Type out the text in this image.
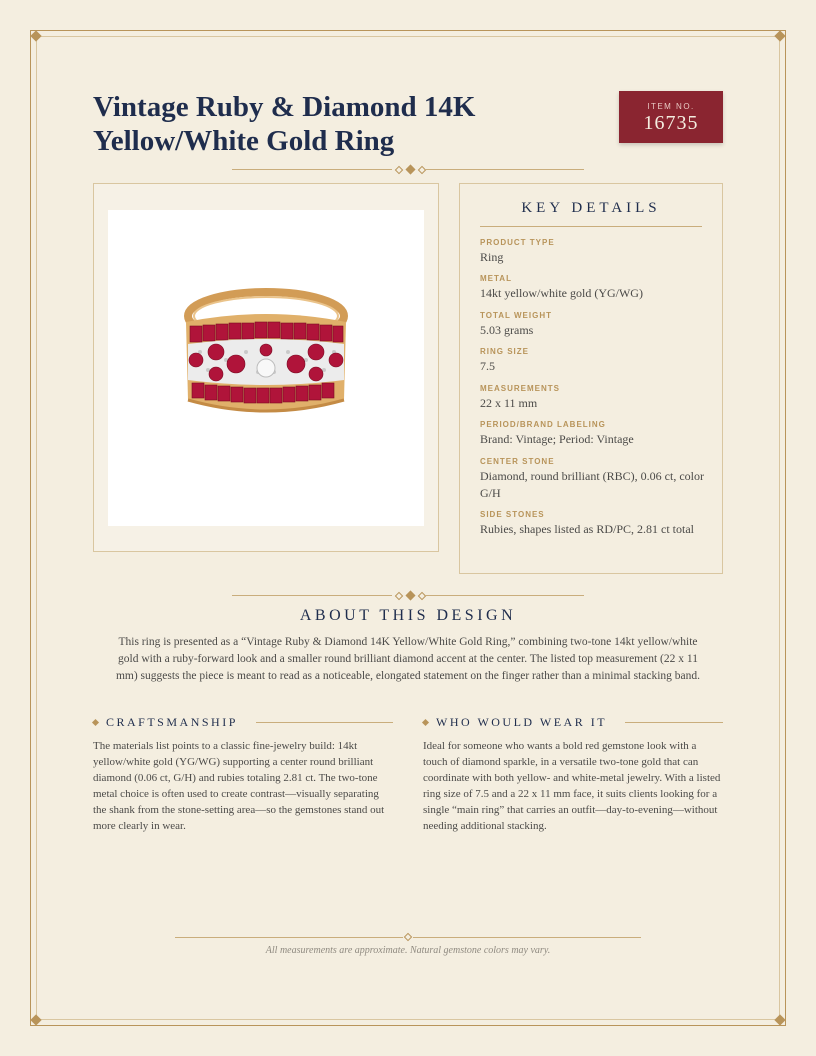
Vintage Ruby & Diamond 14K Yellow/White Gold Ring
ITEM NO.
16735
KEY DETAILS
PRODUCT TYPE
Ring
METAL
14kt yellow/white gold (YG/WG)
TOTAL WEIGHT
5.03 grams
RING SIZE
7.5
MEASUREMENTS
22 x 11 mm
PERIOD/BRAND LABELING
Brand: Vintage; Period: Vintage
CENTER STONE
Diamond, round brilliant (RBC), 0.06 ct, color G/H
SIDE STONES
Rubies, shapes listed as RD/PC, 2.81 ct total
ABOUT THIS DESIGN

This ring is presented as a “Vintage Ruby & Diamond 14K Yellow/White Gold Ring,” combining two-tone 14kt yellow/white gold with a ruby-forward look and a smaller round brilliant diamond accent at the center. The listed top measurement (22 x 11 mm) suggests the piece is meant to read as a noticeable, elongated statement on the finger rather than a minimal stacking band.

CRAFTSMANSHIP

The materials list points to a classic fine-jewelry build: 14kt yellow/white gold (YG/WG) supporting a center round brilliant diamond (0.06 ct, G/H) and rubies totaling 2.81 ct. The two-tone metal choice is often used to create contrast—visually separating the shank from the stone-setting area—so the gemstones stand out more clearly in wear.

WHO WOULD WEAR IT

Ideal for someone who wants a bold red gemstone look with a touch of diamond sparkle, in a versatile two-tone gold that can coordinate with both yellow- and white-metal jewelry. With a listed ring size of 7.5 and a 22 x 11 mm face, it suits clients looking for a single “main ring” that carries an outfit—day-to-evening—without needing additional stacking.

All measurements are approximate. Natural gemstone colors may vary.
